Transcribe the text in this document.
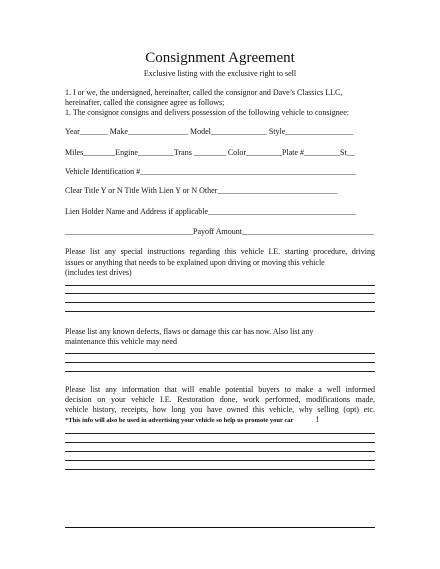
Consignment Agreement
Exclusive listing with the exclusive right to sell
1. I or we, the undersigned, hereinafter, called the consignor and Dave’s Classics LLC,
hereinafter, called the consignee agree as follows;
1. The consignor consigns and delivers possession of the following vehicle to consignee:
Year_______ Make_______________ Model______________ Style_________________
Miles________Engine_________Trans ________ Color_________Plate #_________St__
Vehicle Identification #______________________________________________________
Clear Title Y or N Title With Lien Y or N Other______________________________
Lien Holder Name and Address if applicable_____________________________________
________________________________Payoff Amount_________________________________
Please list any special instructions regarding this vehicle I.E. starting procedure, driving
issues or anything that needs to be explained upon driving or moving this vehicle
(includes test drives)
Please list any known defects, flaws or damage this car has now. Also list any
maintenance this vehicle may need
Please list any information that will enable potential buyers to make a well informed
decision on your vehicle I.E. Restoration done, work performed, modifications made,
vehicle history, receipts, how long you have owned this vehicle, why selling (opt) etc.
*This info will also be used in advertising your vehicle so help us promote your car	!
